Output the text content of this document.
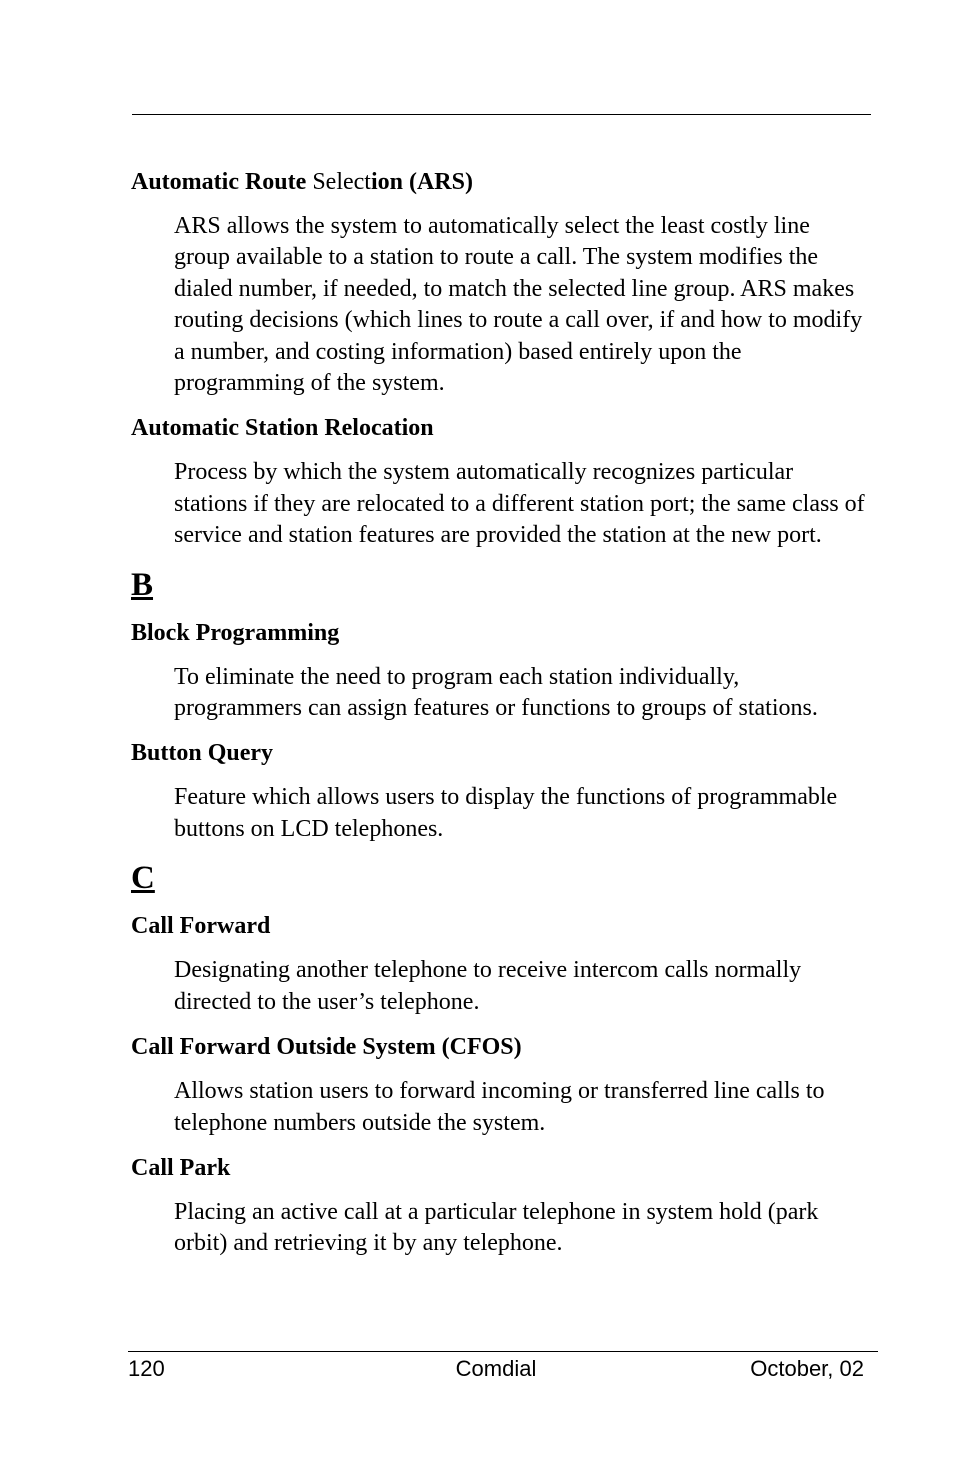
Automatic Route Selection (ARS)
ARS allows the system to automatically select the least costly line group available to a station to route a call. The system modifies the dialed number, if needed, to match the selected line group. ARS makes routing decisions (which lines to route a call over, if and how to modify a number, and costing information) based entirely upon the programming of the system.
Automatic Station Relocation
Process by which the system automatically recognizes particular stations if they are relocated to a different station port; the same class of service and station features are provided the station at the new port.
B
Block Programming
To eliminate the need to program each station individually, programmers can assign features or functions to groups of stations.
Button Query
Feature which allows users to display the functions of programmable buttons on LCD telephones.
C
Call Forward
Designating another telephone to receive intercom calls normally directed to the user’s telephone.
Call Forward Outside System (CFOS)
Allows station users to forward incoming or transferred line calls to telephone numbers outside the system.
Call Park
Placing an active call at a particular telephone in system hold (park orbit) and retrieving it by any telephone.
120	Comdial	October, 02
